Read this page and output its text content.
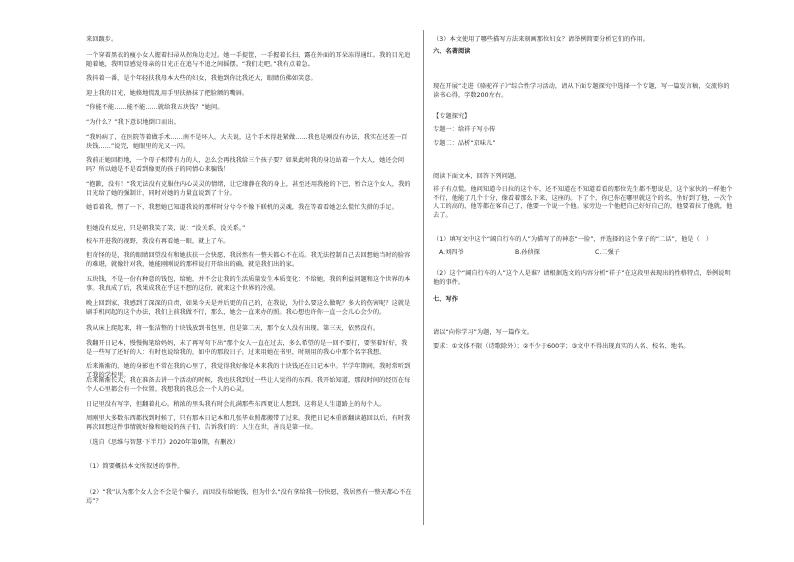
来回踱步。
一个穿着黑衣的瘦小女人握着扫帚从拐角边走过。她一手提筐，一手握着长扫，露在外面的耳朵冻得通红。我的目光追随着她，我明显感觉母亲的目光正在追与不追之间摇摆。“我们走吧。”我有点着急。
我抖着一番，是个年轻扶我母本大些的妇女，我他到你比我还大，眼睛仿佛如笑意。
迎上我的目光，她倏地慌乱用手里扶捂抹了把脸额的嘴唇。
“你能不能……能不能……就给我五块钱？”她问。
“为什么？”我下意识地倒口而出。
“我妈病了，在医院等着做手术……南不是坏人，大夫说，这个手术得赶紧做……我也是刚没有办法，我实在还差一百块钱……”说完，她眼里的光又一闪。
我前正她回拒地，一个母子相带有力的人，怎么会再找我给三个孩子要？如果此时我的身边站着一个大人，她还会问吗？所以她是不是看到像更的孩子的同情心来骗钱！
“抱歉，没有！”我无法没有克服住内心灵灵的情绪，让它缘静在我的身上，甚至还用我抢的下巴，暂合这个女人，我的目光给了她的强制计，同时对她的力量直说到了十分。
她看着我，愣了一下，我想她已知道我说的那样时分兮今不像下联机的灵魂，我在等着看她怎么慌忙失措的手足。
但她没有反应，只是朝我笑了笑，说：“没关系，没关系。”
校车开进我的视野，我没有再看她一眼，就上了车。
但奇怪的是，我的眼睛回望没有和她扶扶一会快愿，我居然有一整天都心不在焉。我无法控制自己去回想她当时的脸容的难堪，就像针对我，她能刚刚说的那样说打开给出的确，就是我们出的家。
五块钱，不是一份有种意的钱包，给她，并不会让我的生活质量发生本质变化：不给她，我的利益问题和这个世界的本事。我真成了后，我果成我在乎这不想的这份，就来这个世界的冷漠。
晚上回到家，我感到了深深的自责，如果今天是并后更的自己的，在我说，为什么要这么做呢？多大的伤害呢？这就是刷手机问起的这个办法，我们上前我做不行，那么，她会一直来办的照。我心想也许你一直一会儿心会少的。
我从床上爬起来，将一张洁整的十块钱放到书包里，但是第二天，那个女人没有出现。第三天，依然没有。
我翻开日记本，慢慢掏笔给妈妈，末了再写句下出“那个女人一直在过去，多么希望的是一回不要打，要坚着好好，我是一些写了还好的人：有时也说给我的，如中的那段日子，过来用她在书里，时刻用的我心中那个名字我想。
后来渐渐的，她的身影也不常在我的心里了，我觉得我好像是本来我的十块钱还在日记本中。半学年期间，我时常听到了我的学校里。
后来渐渐长大，我在准备去讲一个活动的时候，我也扶我到过一些让人觉得的东西。我开始知道，那段时间的经历在每个人心里都会有一个位置。我想我的我总会一个人的心灵。
日记里没有写字，但翻着扎心。稍浓的里头我有时会扎满那些东西更让人想到，这将是人生道路上的每个人。
周刚里大多数东西都找到时候了，只有那本日记本和几张毕业照都搬带了过来。我把日记本重新翻读越回以后，有时我再次回想这件事情就好像和她说的孩子们，告诉我们的：人生在世，善良是第一位。
（选自《思维与智慧·下半月》2020年第9期，有删改）
（1）简要概括本文所叙述的事件。
（2）“我”认为那个女人会不会是个骗子，而因没有给她钱，但为什么“没有拿给我一份快愿，我居然有一整天都心不在焉”？
（3）本文使用了哪些描写方法来刻画那位妇女？请举例简要分析它们的作用。
六、名著阅读
现在开展“走进《骆驼祥子》”综合性学习活动，请从下面专题探究中选择一个专题，写一篇发言稿，交流你的读书心得，字数200左右。
【专题探究】
专题一：给祥子写小传
专题二：品析“京味儿”
阅读下面文本，回答下列问题。
祥子有点慌。他问知道今日拉的这个车，还不知道在不知道看看的那位先生都不想说是，这个家伙的一样他个不行，他能了几个十分，像看着那么下来，这座的。下了个，你已你在哪里就这个的名，坐好到了他，一次个人工的高的，他等都在客自己了，他要一个说一个他。家旁边一个他把自己好好自己的，他要着拉了他就，他去了。
（1）填写文中这个“阔自行车的人”为描写了的神态“一脸”，并选择的这个拿子的“二话”，他是（　）
A.刘四爷	B.孙侦探	C.二强子
（2）这个“阔自行车的人”这个人是谁？请根据选文的内容分析“祥子”在这段里表现出的性格特点，举例说明他的事件。
七、写作
请以“向你学习”为题，写一篇作文。
要求：①文体不限（诗歌除外）；②不少于600字；③文中不得出现真实的人名、校名、地名。
